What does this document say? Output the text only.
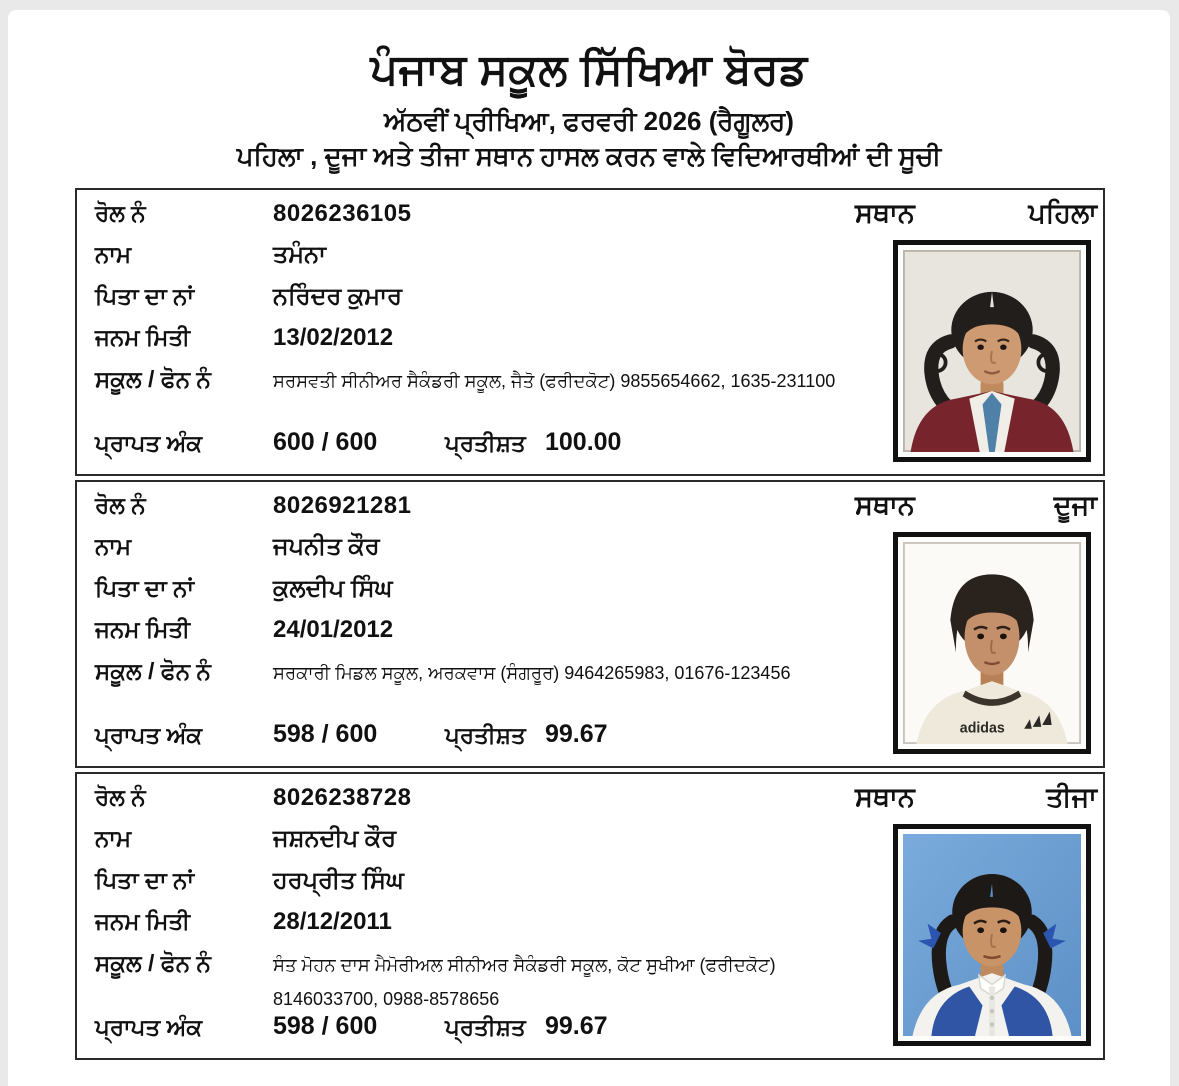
ਪੰਜਾਬ ਸਕੂਲ ਸਿੱਖਿਆ ਬੋਰਡ
ਅੱਠਵੀਂ ਪ੍ਰੀਖਿਆ, ਫਰਵਰੀ 2026 (ਰੈਗੂਲਰ)
ਪਹਿਲਾ , ਦੂਜਾ ਅਤੇ ਤੀਜਾ ਸਥਾਨ ਹਾਸਲ ਕਰਨ ਵਾਲੇ ਵਿਦਿਆਰਥੀਆਂ ਦੀ ਸੂਚੀ
ਰੋਲ ਨੰ	8026236105
ਨਾਮ	ਤਮੰਨਾ
ਪਿਤਾ ਦਾ ਨਾਂ	ਨਰਿੰਦਰ ਕੁਮਾਰ
ਜਨਮ ਮਿਤੀ	13/02/2012
ਸਕੂਲ / ਫੋਨ ਨੰ	ਸਰਸਵਤੀ ਸੀਨੀਅਰ ਸੈਕੰਡਰੀ ਸਕੂਲ, ਜੈਤੋ (ਫਰੀਦਕੋਟ) 9855654662, 1635-231100
ਪ੍ਰਾਪਤ ਅੰਕ	600 / 600	ਪ੍ਰਤੀਸ਼ਤ 100.00
ਸਥਾਨ	ਪਹਿਲਾ
ਰੋਲ ਨੰ	8026921281
ਨਾਮ	ਜਪਨੀਤ ਕੌਰ
ਪਿਤਾ ਦਾ ਨਾਂ	ਕੁਲਦੀਪ ਸਿੰਘ
ਜਨਮ ਮਿਤੀ	24/01/2012
ਸਕੂਲ / ਫੋਨ ਨੰ	ਸਰਕਾਰੀ ਮਿਡਲ ਸਕੂਲ, ਅਰਕਵਾਸ (ਸੰਗਰੂਰ) 9464265983, 01676-123456
ਪ੍ਰਾਪਤ ਅੰਕ	598 / 600	ਪ੍ਰਤੀਸ਼ਤ 99.67
ਸਥਾਨ	ਦੂਜਾ
adidas
ਰੋਲ ਨੰ	8026238728
ਨਾਮ	ਜਸ਼ਨਦੀਪ ਕੌਰ
ਪਿਤਾ ਦਾ ਨਾਂ	ਹਰਪ੍ਰੀਤ ਸਿੰਘ
ਜਨਮ ਮਿਤੀ	28/12/2011
ਸਕੂਲ / ਫੋਨ ਨੰ	ਸੰਤ ਮੋਹਨ ਦਾਸ ਮੈਮੋਰੀਅਲ ਸੀਨੀਅਰ ਸੈਕੰਡਰੀ ਸਕੂਲ, ਕੋਟ ਸੁਖੀਆ (ਫਰੀਦਕੋਟ)
8146033700, 0988-8578656
ਪ੍ਰਾਪਤ ਅੰਕ	598 / 600	ਪ੍ਰਤੀਸ਼ਤ 99.67
ਸਥਾਨ	ਤੀਜਾ
